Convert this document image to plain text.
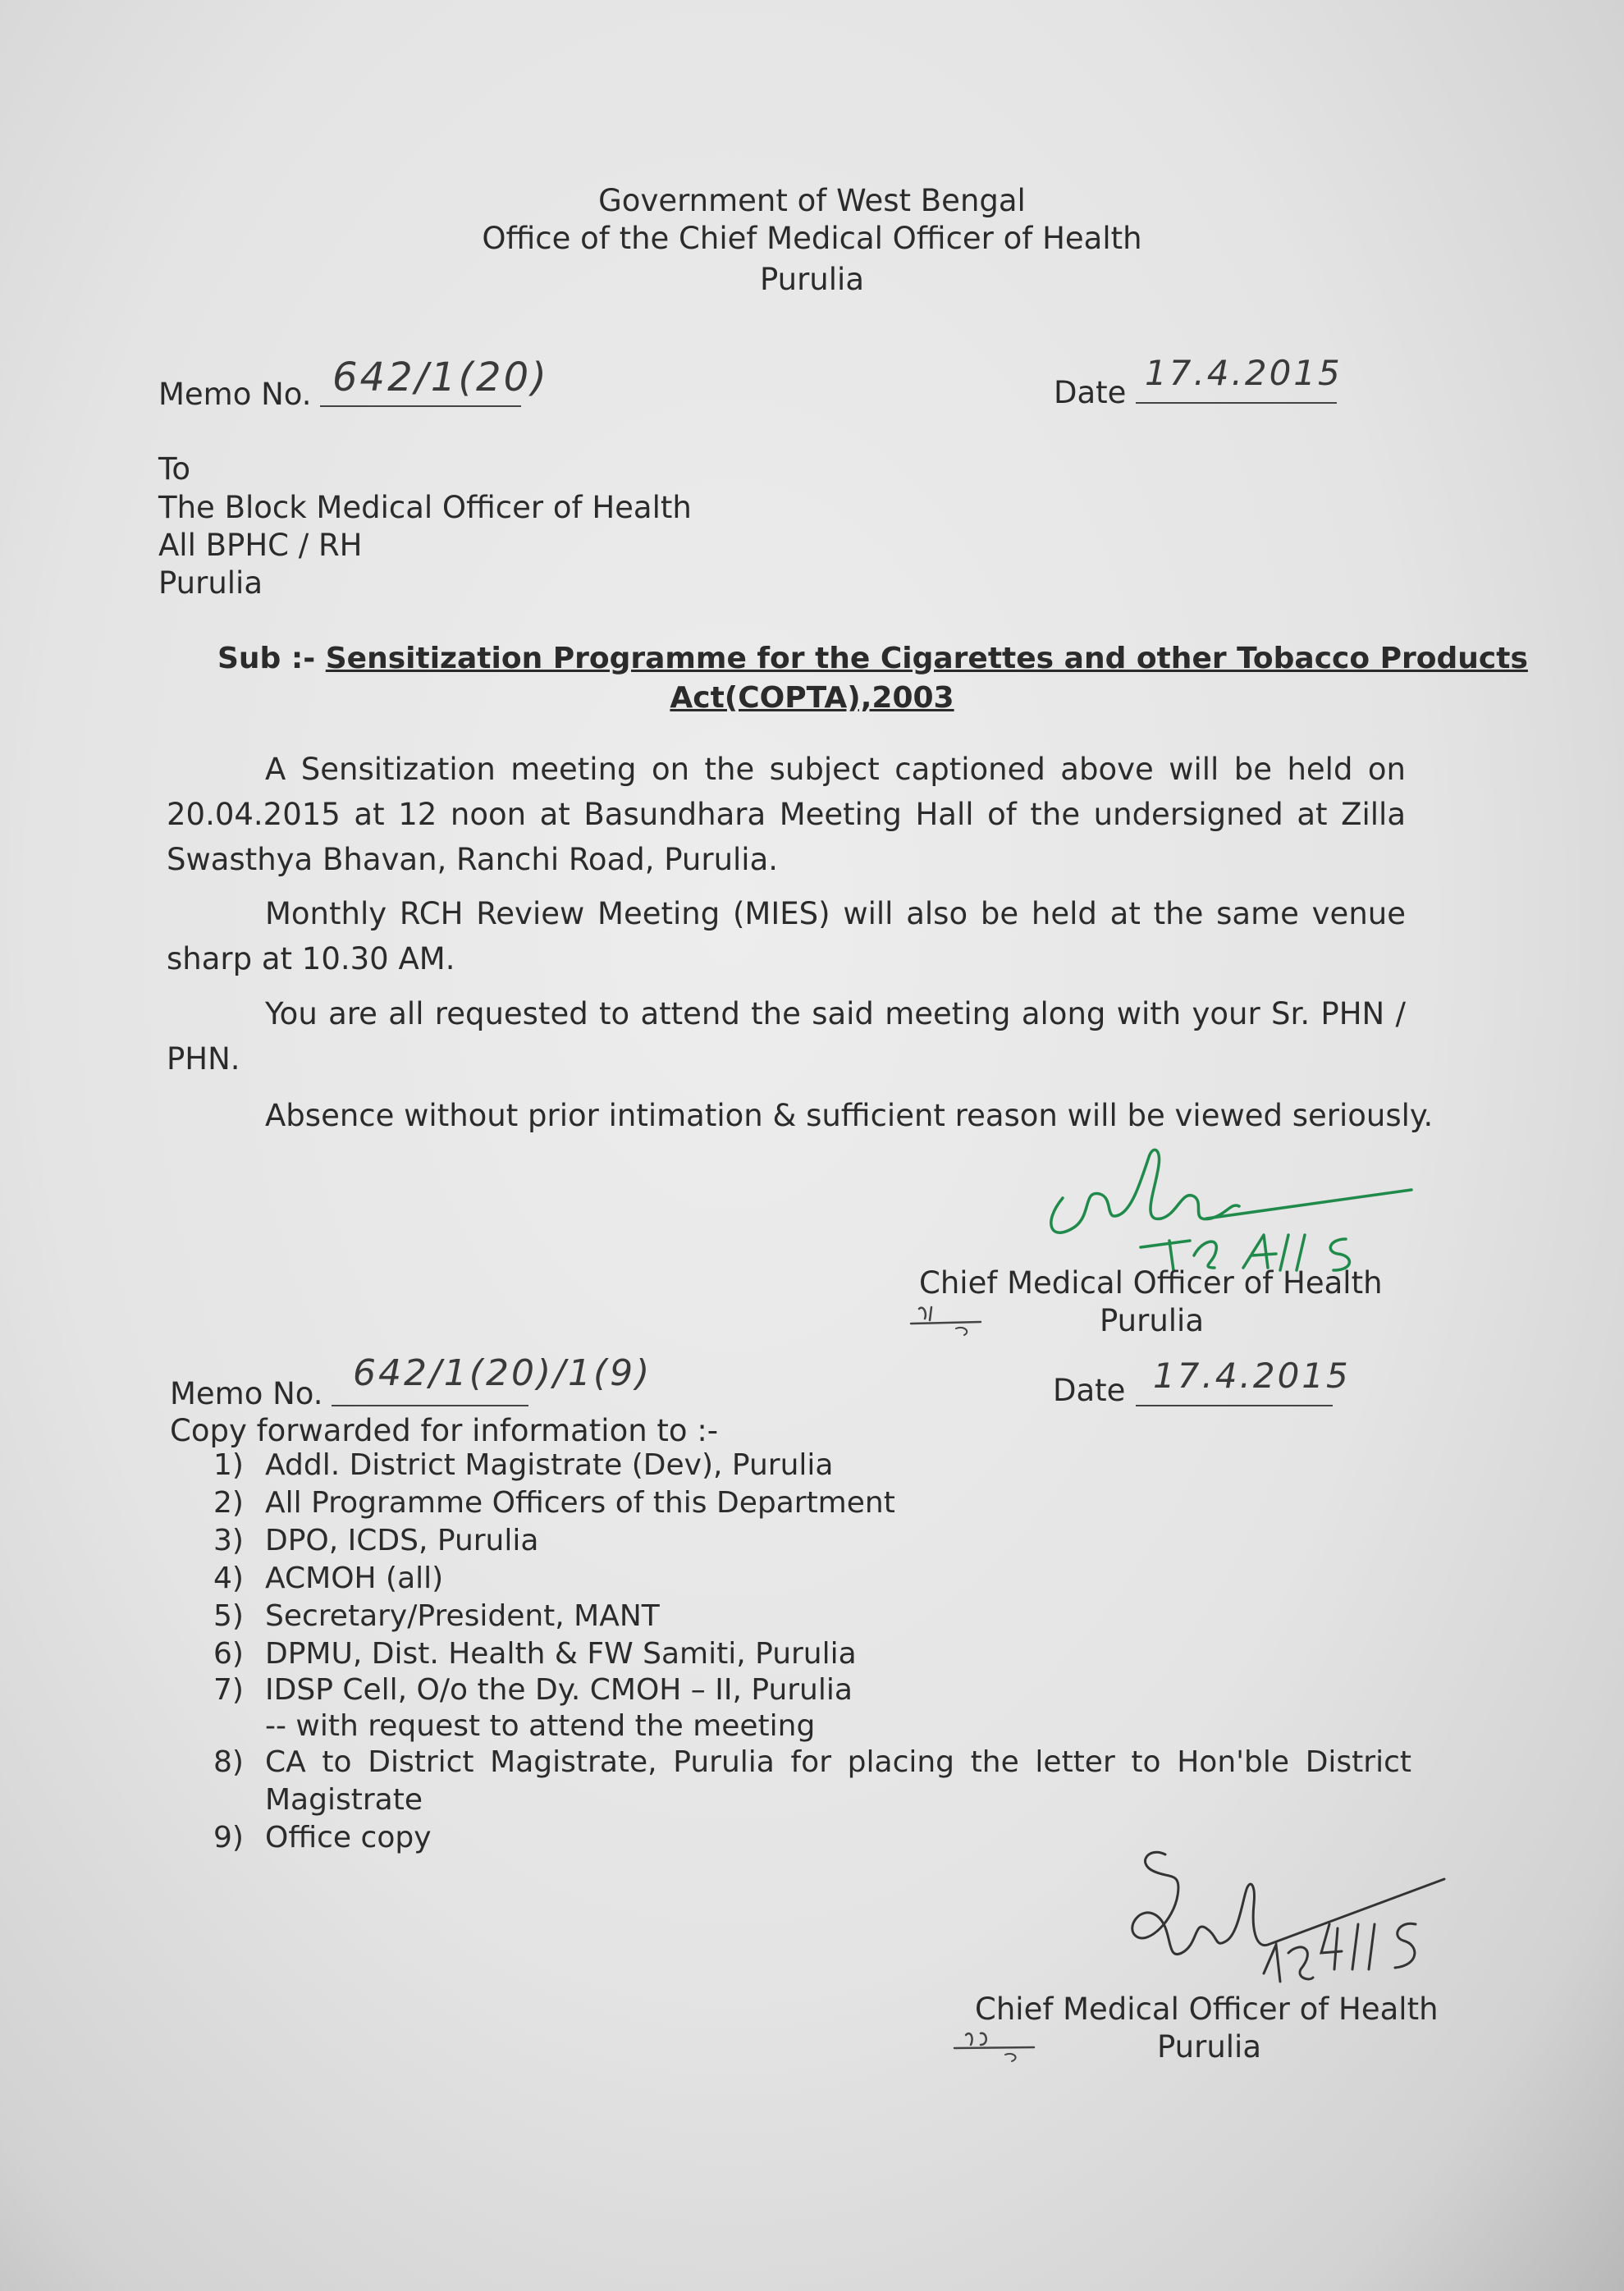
Government of West Bengal
Office of the Chief Medical Officer of Health
Purulia
Memo No. 642/1(20)	Date 17.4.2015
To
The Block Medical Officer of Health
All BPHC / RH
Purulia
Sub :- Sensitization Programme for the Cigarettes and other Tobacco Products
Act(COPTA),2003
A Sensitization meeting on the subject captioned above will be held on
20.04.2015 at 12 noon at Basundhara Meeting Hall of the undersigned at Zilla
Swasthya Bhavan, Ranchi Road, Purulia.
Monthly RCH Review Meeting (MIES) will also be held at the same venue
sharp at 10.30 AM.
You are all requested to attend the said meeting along with your Sr. PHN /
PHN.
Absence without prior intimation & sufficient reason will be viewed seriously.
Chief Medical Officer of Health
Purulia
Memo No. 642/1(20)/1(9)	Date 17.4.2015
Copy forwarded for information to :-
1) Addl. District Magistrate (Dev), Purulia
2) All Programme Officers of this Department
3) DPO, ICDS, Purulia
4) ACMOH (all)
5) Secretary/President, MANT
6) DPMU, Dist. Health & FW Samiti, Purulia
7) IDSP Cell, O/o the Dy. CMOH – II, Purulia
-- with request to attend the meeting
8) CA to District Magistrate, Purulia for placing the letter to Hon'ble District
Magistrate
9) Office copy
Chief Medical Officer of Health
Purulia
